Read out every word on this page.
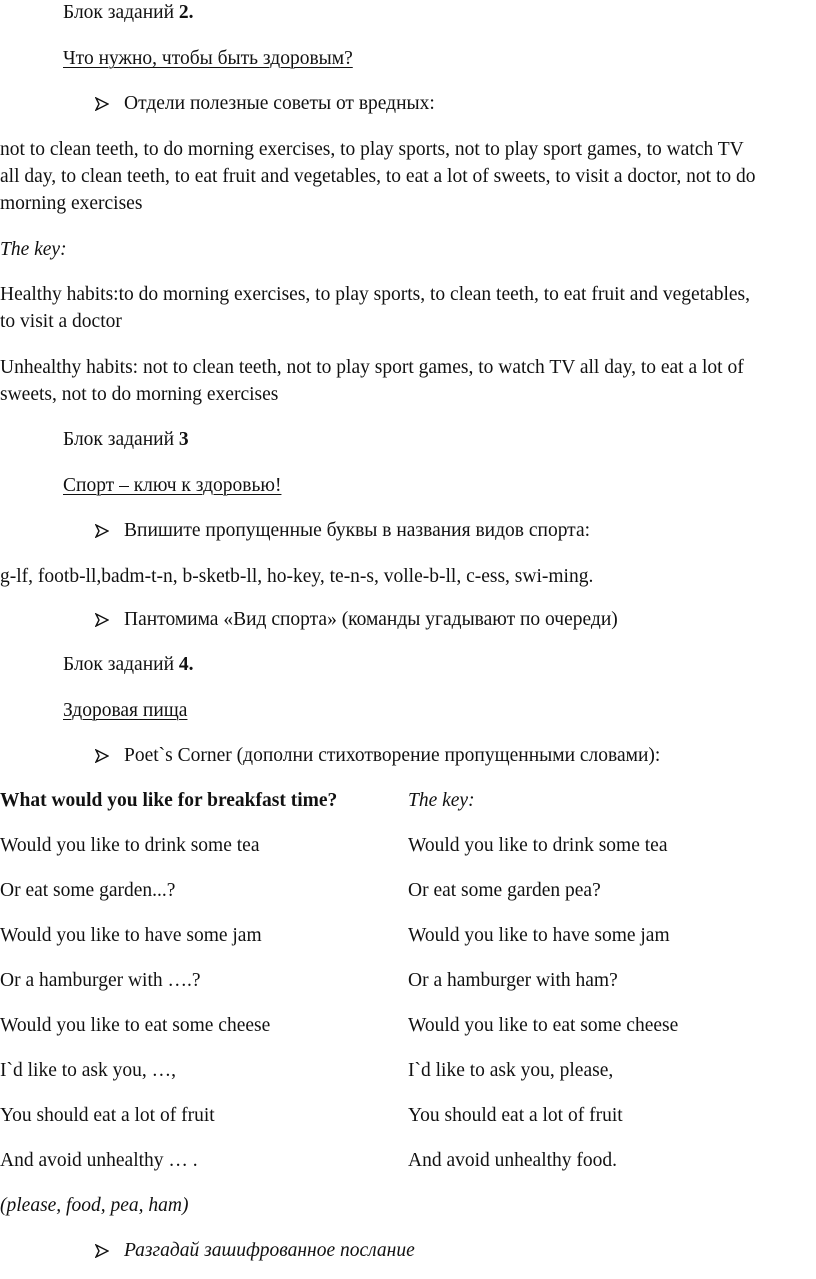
Блок заданий 2.
Что нужно, чтобы быть здоровым?
Отдели полезные советы от вредных:
not to clean teeth, to do morning exercises, to play sports, not to play sport games, to watch TV
all day, to clean teeth, to eat fruit and vegetables, to eat a lot of sweets, to visit a doctor, not to do
morning exercises
The key:
Healthy habits:to do morning exercises, to play sports, to clean teeth, to eat fruit and vegetables,
to visit a doctor
Unhealthy habits: not to clean teeth, not to play sport games, to watch TV all day, to eat a lot of
sweets, not to do morning exercises
Блок заданий 3
Спорт – ключ к здоровью!
Впишите пропущенные буквы в названия видов спорта:
g-lf, footb-ll,badm-t-n, b-sketb-ll, ho-key, te-n-s, volle-b-ll, c-ess, swi-ming.
Пантомима «Вид спорта» (команды угадывают по очереди)
Блок заданий 4.
Здоровая пища
Poet`s Corner (дополни стихотворение пропущенными словами):
What would you like for breakfast time?	The key:
Would you like to drink some tea	Would you like to drink some tea
Or eat some garden...?	Or eat some garden pea?
Would you like to have some jam	Would you like to have some jam
Or a hamburger with ….?	Or a hamburger with ham?
Would you like to eat some cheese	Would you like to eat some cheese
I`d like to ask you, …,	I`d like to ask you, please,
You should eat a lot of fruit	You should eat a lot of fruit
And avoid unhealthy … .	And avoid unhealthy food.
(please, food, pea, ham)
Разгадай зашифрованное послание
